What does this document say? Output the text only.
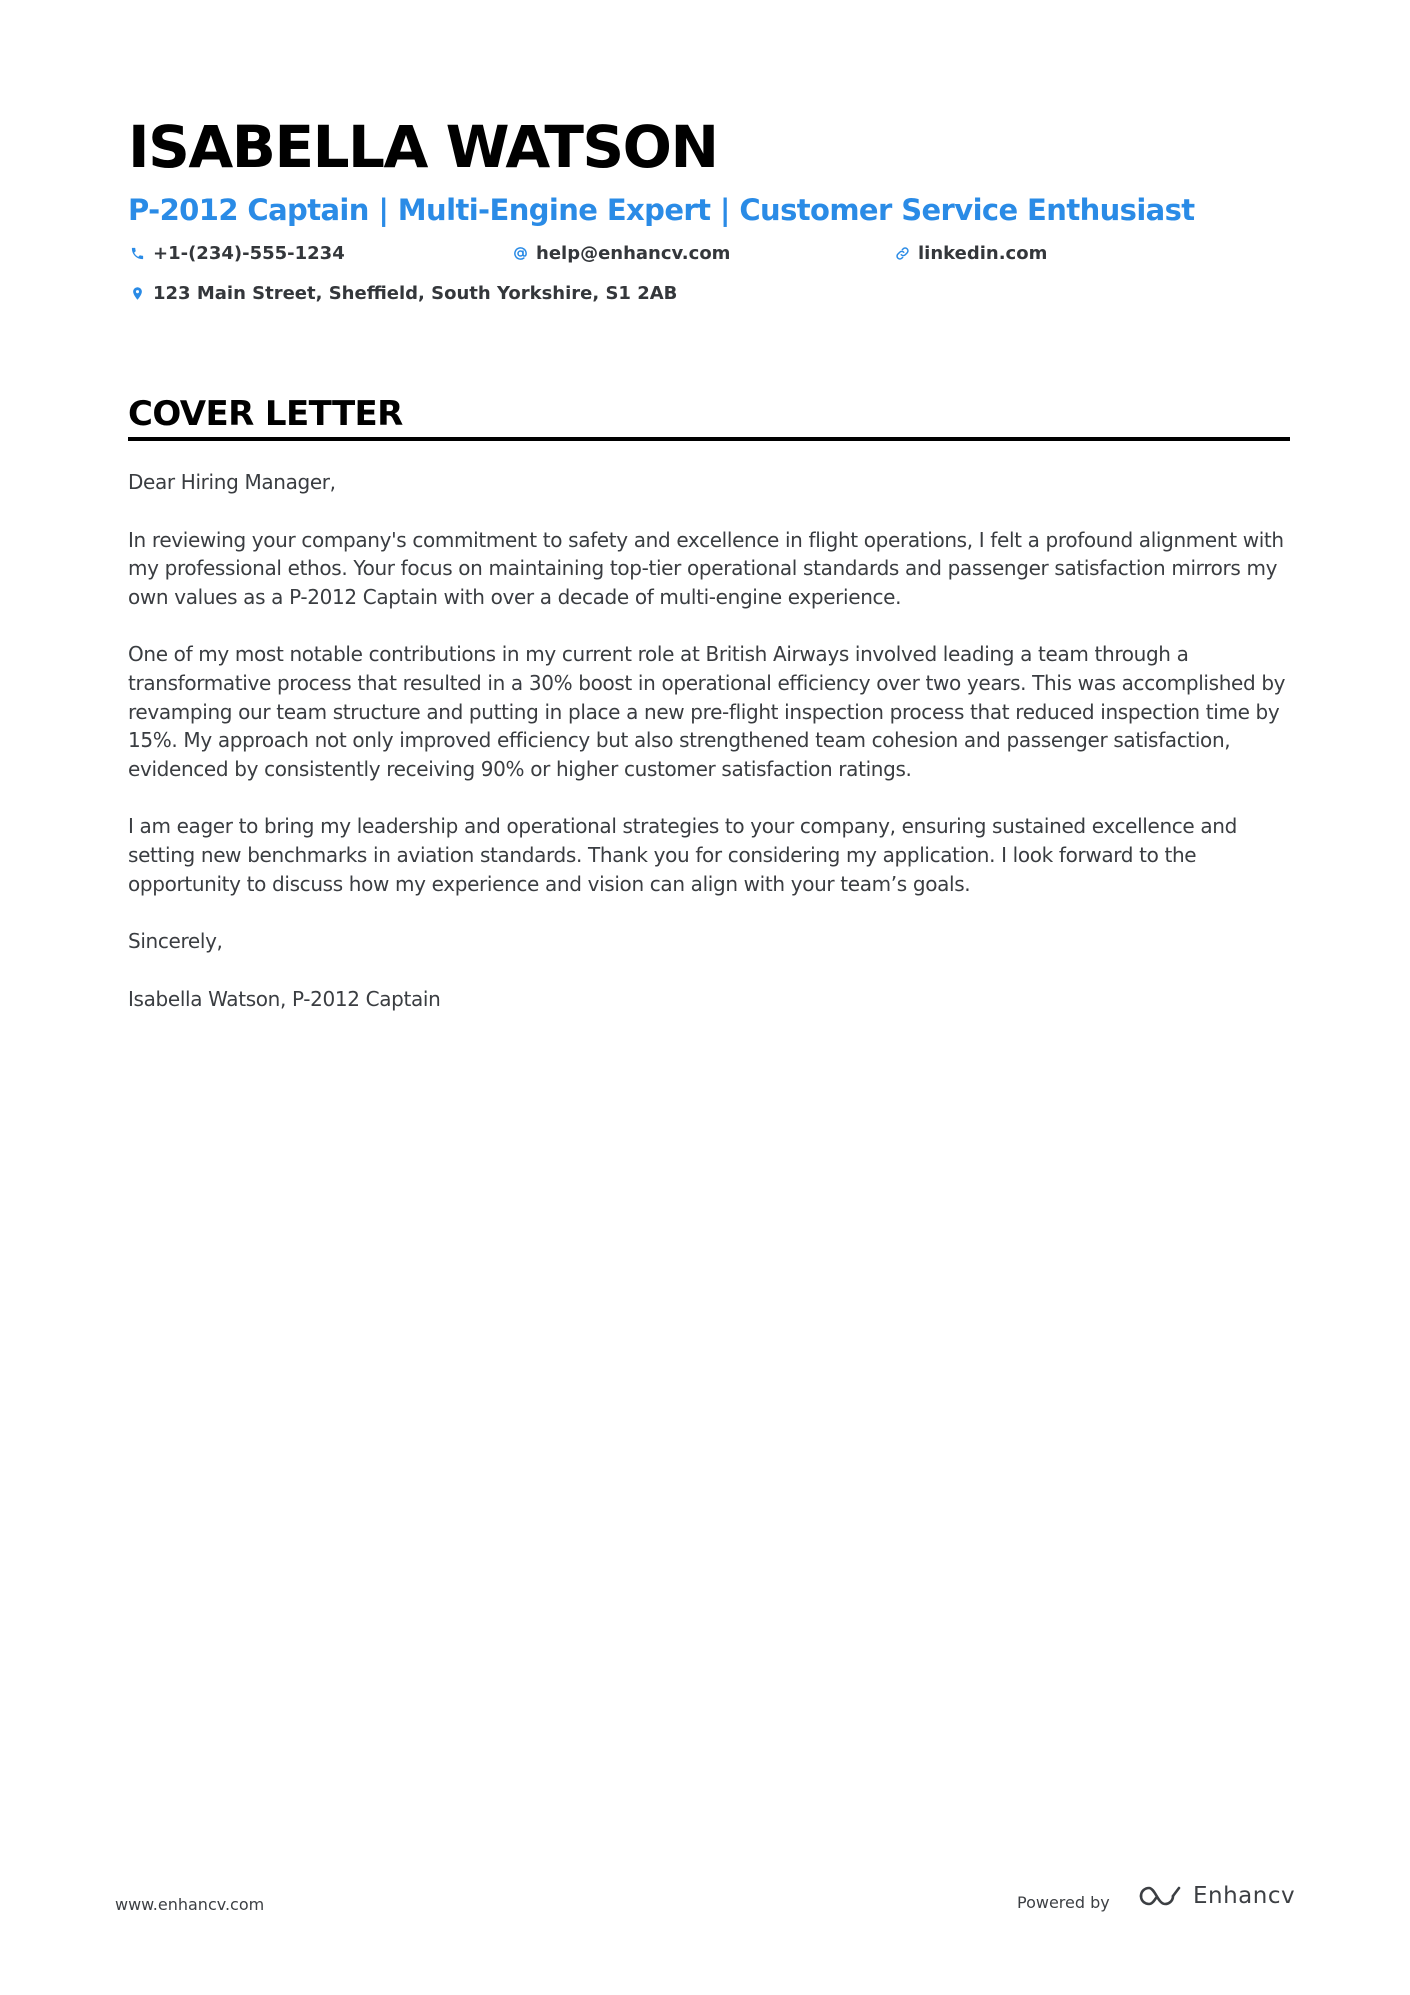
ISABELLA WATSON
P-2012 Captain | Multi-Engine Expert | Customer Service Enthusiast
+1-(234)-555-1234	help@enhancv.com	linkedin.com
123 Main Street, Sheffield, South Yorkshire, S1 2AB
COVER LETTER

Dear Hiring Manager,

In reviewing your company's commitment to safety and excellence in flight operations, I felt a profound alignment with my professional ethos. Your focus on maintaining top-tier operational standards and passenger satisfaction mirrors my own values as a P-2012 Captain with over a decade of multi-engine experience.

One of my most notable contributions in my current role at British Airways involved leading a team through a transformative process that resulted in a 30% boost in operational efficiency over two years. This was accomplished by revamping our team structure and putting in place a new pre-flight inspection process that reduced inspection time by 15%. My approach not only improved efficiency but also strengthened team cohesion and passenger satisfaction, evidenced by consistently receiving 90% or higher customer satisfaction ratings.

I am eager to bring my leadership and operational strategies to your company, ensuring sustained excellence and setting new benchmarks in aviation standards. Thank you for considering my application. I look forward to the opportunity to discuss how my experience and vision can align with your team’s goals.

Sincerely,

Isabella Watson, P-2012 Captain

www.enhancv.com	Powered by	Enhancv
